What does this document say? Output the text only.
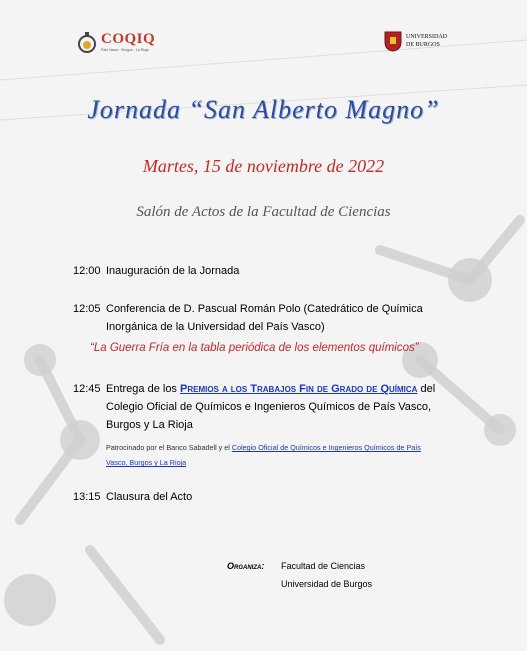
COQIQ
País Vasco · Burgos · La Rioja
UNIVERSIDAD
DE BURGOS
Jornada “San Alberto Magno”
Martes, 15 de noviembre de 2022
Salón de Actos de la Facultad de Ciencias
12:00 Inauguración de la Jornada
12:05 Conferencia de D. Pascual Román Polo (Catedrático de Química
Inorgánica de la Universidad del País Vasco)
“La Guerra Fría en la tabla periódica de los elementos químicos”
12:45 Entrega de los Premios a los Trabajos Fin de Grado de Química del
Colegio Oficial de Químicos e Ingenieros Químicos de País Vasco,
Burgos y La Rioja
Patrocinado por el Banco Sabadell y el Colegio Oficial de Químicos e Ingenieros Químicos de País
Vasco, Burgos y La Rioja
13:15 Clausura del Acto
Organiza: Facultad de Ciencias
Universidad de Burgos
